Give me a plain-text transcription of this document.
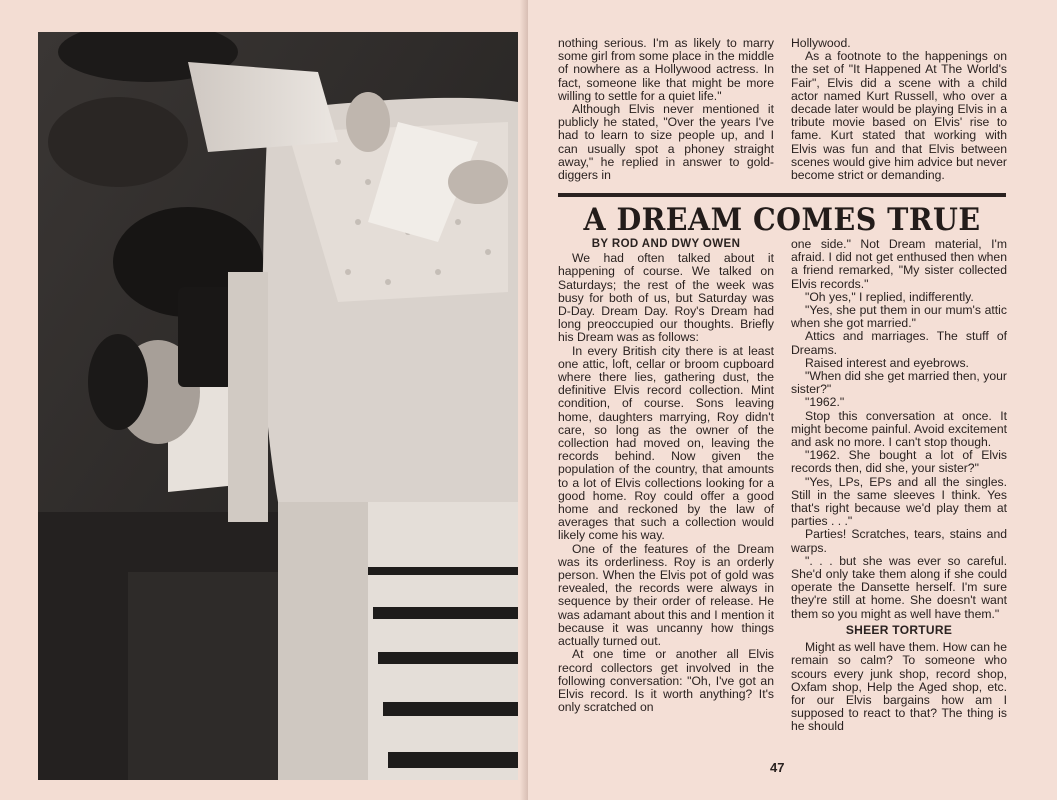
nothing serious. I'm as likely to marry some girl from some place in the middle of nowhere as a Hollywood actress. In fact, someone like that might be more willing to settle for a quiet life."

Although Elvis never mentioned it publicly he stated, "Over the years I've had to learn to size people up, and I can usually spot a phoney straight away," he replied in answer to gold-diggers in

Hollywood.

As a footnote to the happenings on the set of "It Happened At The World's Fair", Elvis did a scene with a child actor named Kurt Russell, who over a decade later would be playing Elvis in a tribute movie based on Elvis' rise to fame. Kurt stated that working with Elvis was fun and that Elvis between scenes would give him advice but never become strict or demanding.

A DREAM COMES TRUE

BY ROD AND DWY OWEN

We had often talked about it happening of course. We talked on Saturdays; the rest of the week was busy for both of us, but Saturday was D-Day. Dream Day. Roy's Dream had long preoccupied our thoughts. Briefly his Dream was as follows:

In every British city there is at least one attic, loft, cellar or broom cupboard where there lies, gathering dust, the definitive Elvis record collection. Mint condition, of course. Sons leaving home, daughters marrying, Roy didn't care, so long as the owner of the collection had moved on, leaving the records behind. Now given the population of the country, that amounts to a lot of Elvis collections looking for a good home. Roy could offer a good home and reckoned by the law of averages that such a collection would likely come his way.

One of the features of the Dream was its orderliness. Roy is an orderly person. When the Elvis pot of gold was revealed, the records were always in sequence by their order of release. He was adamant about this and I mention it because it was uncanny how things actually turned out.

At one time or another all Elvis record collectors get involved in the following conversation: "Oh, I've got an Elvis record. Is it worth anything? It's only scratched on

one side." Not Dream material, I'm afraid. I did not get enthused then when a friend remarked, "My sister collected Elvis records."

"Oh yes," I replied, indifferently.

"Yes, she put them in our mum's attic when she got married."

Attics and marriages. The stuff of Dreams.

Raised interest and eyebrows.

"When did she get married then, your sister?"

"1962."

Stop this conversation at once. It might become painful. Avoid excitement and ask no more. I can't stop though.

"1962. She bought a lot of Elvis records then, did she, your sister?"

"Yes, LPs, EPs and all the singles. Still in the same sleeves I think. Yes that's right because we'd play them at parties . . ."

Parties! Scratches, tears, stains and warps.

". . . but she was ever so careful. She'd only take them along if she could operate the Dansette herself. I'm sure they're still at home. She doesn't want them so you might as well have them."

SHEER TORTURE

Might as well have them. How can he remain so calm? To someone who scours every junk shop, record shop, Oxfam shop, Help the Aged shop, etc. for our Elvis bargains how am I supposed to react to that? The thing is he should

47
